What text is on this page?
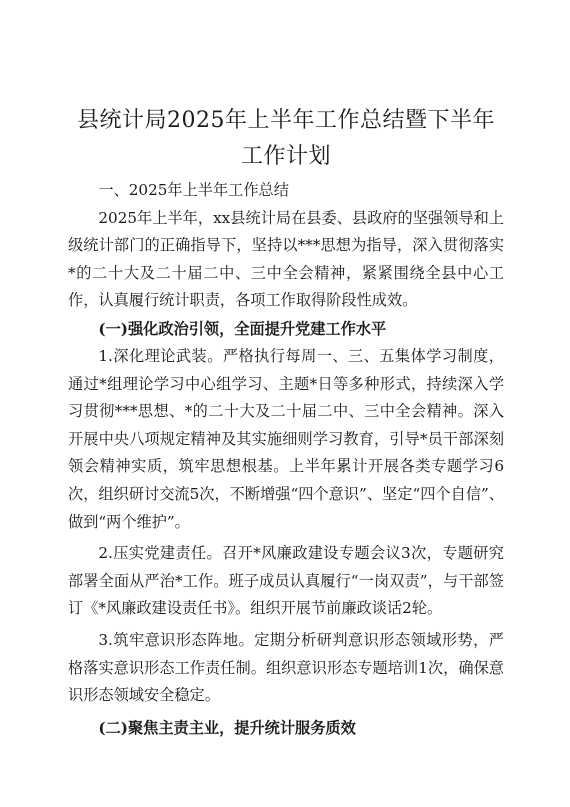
县统计局2025年上半年工作总结暨下半年工作计划

一、2025年上半年工作总结

2025年上半年，xx县统计局在县委、县政府的坚强领导和上级统计部门的正确指导下，坚持以***思想为指导，深入贯彻落实*的二十大及二十届二中、三中全会精神，紧紧围绕全县中心工作，认真履行统计职责，各项工作取得阶段性成效。

(一)强化政治引领，全面提升党建工作水平

1.深化理论武装。严格执行每周一、三、五集体学习制度，通过*组理论学习中心组学习、主题*日等多种形式，持续深入学习贯彻***思想、*的二十大及二十届二中、三中全会精神。深入开展中央八项规定精神及其实施细则学习教育，引导*员干部深刻领会精神实质，筑牢思想根基。上半年累计开展各类专题学习6次，组织研讨交流5次，不断增强“四个意识”、坚定“四个自信”、做到“两个维护”。

2.压实党建责任。召开*风廉政建设专题会议3次，专题研究部署全面从严治*工作。班子成员认真履行“一岗双责”，与干部签订《*风廉政建设责任书》。组织开展节前廉政谈话2轮。

3.筑牢意识形态阵地。定期分析研判意识形态领域形势，严格落实意识形态工作责任制。组织意识形态专题培训1次，确保意识形态领域安全稳定。

(二)聚焦主责主业，提升统计服务质效
